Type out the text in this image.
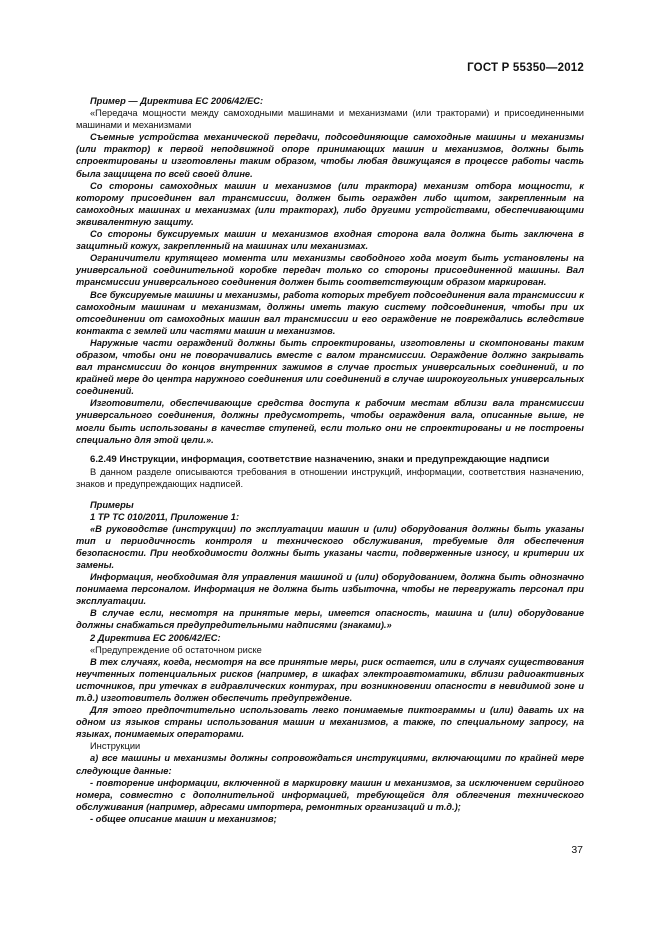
ГОСТ Р 55350—2012

Пример — Директива ЕС 2006/42/ЕС:

«Передача мощности между самоходными машинами и механизмами (или тракторами) и присоединенными машинами и механизмами

Съемные устройства механической передачи, подсоединяющие самоходные машины и механизмы (или трактор) к первой неподвижной опоре принимающих машин и механизмов, должны быть спроектированы и изготовлены таким образом, чтобы любая движущаяся в процессе работы часть была защищена по всей своей длине.

Со стороны самоходных машин и механизмов (или трактора) механизм отбора мощности, к которому присоединен вал трансмиссии, должен быть огражден либо щитом, закрепленным на самоходных машинах и механизмах (или тракторах), либо другими устройствами, обеспечивающими эквивалентную защиту.

Со стороны буксируемых машин и механизмов входная сторона вала должна быть заключена в защитный кожух, закрепленный на машинах или механизмах.

Ограничители крутящего момента или механизмы свободного хода могут быть установлены на универсальной соединительной коробке передач только со стороны присоединенной машины. Вал трансмиссии универсального соединения должен быть соответствующим образом маркирован.

Все буксируемые машины и механизмы, работа которых требует подсоединения вала трансмиссии к самоходным машинам и механизмам, должны иметь такую систему подсоединения, чтобы при их отсоединении от самоходных машин вал трансмиссии и его ограждение не повреждались вследствие контакта с землей или частями машин и механизмов.

Наружные части ограждений должны быть спроектированы, изготовлены и скомпонованы таким образом, чтобы они не поворачивались вместе с валом трансмиссии. Ограждение должно закрывать вал трансмиссии до концов внутренних зажимов в случае простых универсальных соединений, и по крайней мере до центра наружного соединения или соединений в случае широкоугольных универсальных соединений.

Изготовители, обеспечивающие средства доступа к рабочим местам вблизи вала трансмиссии универсального соединения, должны предусмотреть, чтобы ограждения вала, описанные выше, не могли быть использованы в качестве ступеней, если только они не спроектированы и не построены специально для этой цели.».

6.2.49 Инструкции, информация, соответствие назначению, знаки и предупреждающие надписи

В данном разделе описываются требования в отношении инструкций, информации, соответствия назначению, знаков и предупреждающих надписей.

Примеры

1 ТР ТС 010/2011, Приложение 1:

«В руководстве (инструкции) по эксплуатации машин и (или) оборудования должны быть указаны тип и периодичность контроля и технического обслуживания, требуемые для обеспечения безопасности. При необходимости должны быть указаны части, подверженные износу, и критерии их замены.

Информация, необходимая для управления машиной и (или) оборудованием, должна быть однозначно понимаема персоналом. Информация не должна быть избыточна, чтобы не перегружать персонал при эксплуатации.

В случае если, несмотря на принятые меры, имеется опасность, машина и (или) оборудование должны снабжаться предупредительными надписями (знаками).»

2 Директива ЕС 2006/42/ЕС:

«Предупреждение об остаточном риске

В тех случаях, когда, несмотря на все принятые меры, риск остается, или в случаях существования неучтенных потенциальных рисков (например, в шкафах электроавтоматики, вблизи радиоактивных источников, при утечках в гидравлических контурах, при возникновении опасности в невидимой зоне и т.д.) изготовитель должен обеспечить предупреждение.

Для этого предпочтительно использовать легко понимаемые пиктограммы и (или) давать их на одном из языков страны использования машин и механизмов, а также, по специальному запросу, на языках, понимаемых операторами.

Инструкции

а) все машины и механизмы должны сопровождаться инструкциями, включающими по крайней мере следующие данные:

- повторение информации, включенной в маркировку машин и механизмов, за исключением серийного номера, совместно с дополнительной информацией, требующейся для облегчения технического обслуживания (например, адресами импортера, ремонтных организаций и т.д.);

- общее описание машин и механизмов;

37
